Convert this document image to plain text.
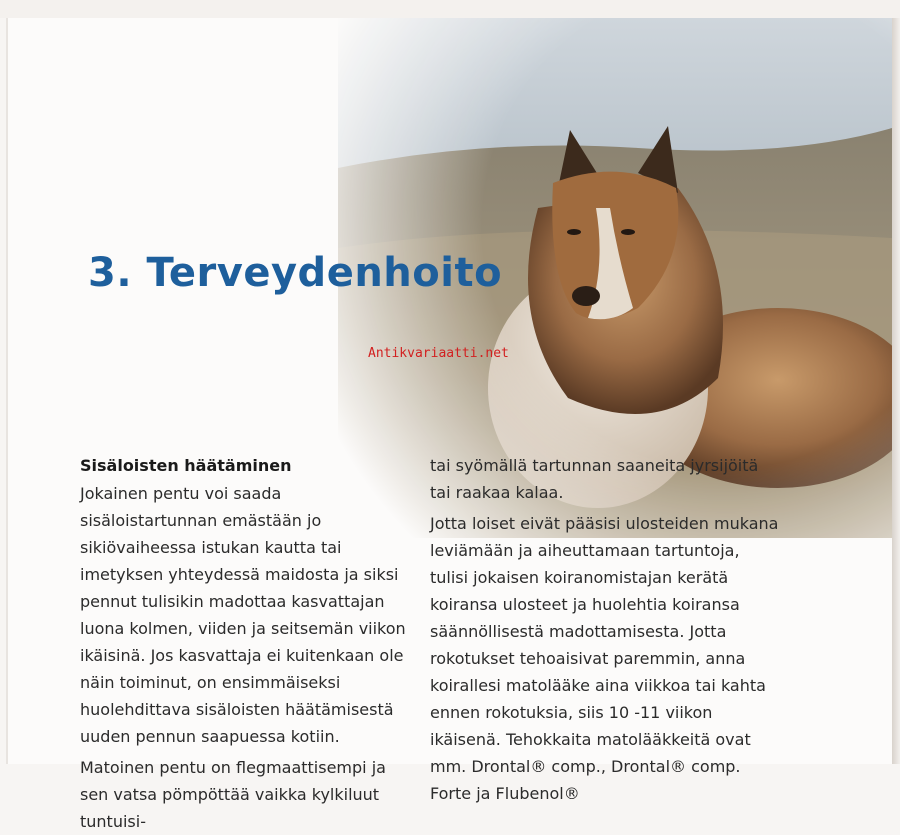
3. Terveydenhoito
Antikvariaatti.net
Sisäloisten häätäminen

Jokainen pentu voi saada sisäloistartunnan emästään jo sikiövaiheessa istukan kautta tai imetyksen yhteydessä maidosta ja siksi pennut tulisikin madottaa kasvattajan luona kolmen, viiden ja seitsemän viikon ikäisinä. Jos kasvattaja ei kuitenkaan ole näin toiminut, on ensimmäiseksi huolehdittava sisäloisten häätämisestä uuden pennun saapuessa kotiin.

Matoinen pentu on flegmaattisempi ja sen vatsa pömpöttää vaikka kylkiluut tuntuisi-

tai syömällä tartunnan saaneita jyrsijöitä tai raakaa kalaa.

Jotta loiset eivät pääsisi ulosteiden mukana leviämään ja aiheuttamaan tartuntoja, tulisi jokaisen koiranomistajan kerätä koiransa ulosteet ja huolehtia koiransa säännöllisestä madottamisesta. Jotta rokotukset tehoaisivat paremmin, anna koirallesi matolääke aina viikkoa tai kahta ennen rokotuksia, siis 10 -11 viikon ikäisenä. Tehokkaita matolääkkeitä ovat mm. Drontal® comp., Drontal® comp. Forte ja Flubenol®
